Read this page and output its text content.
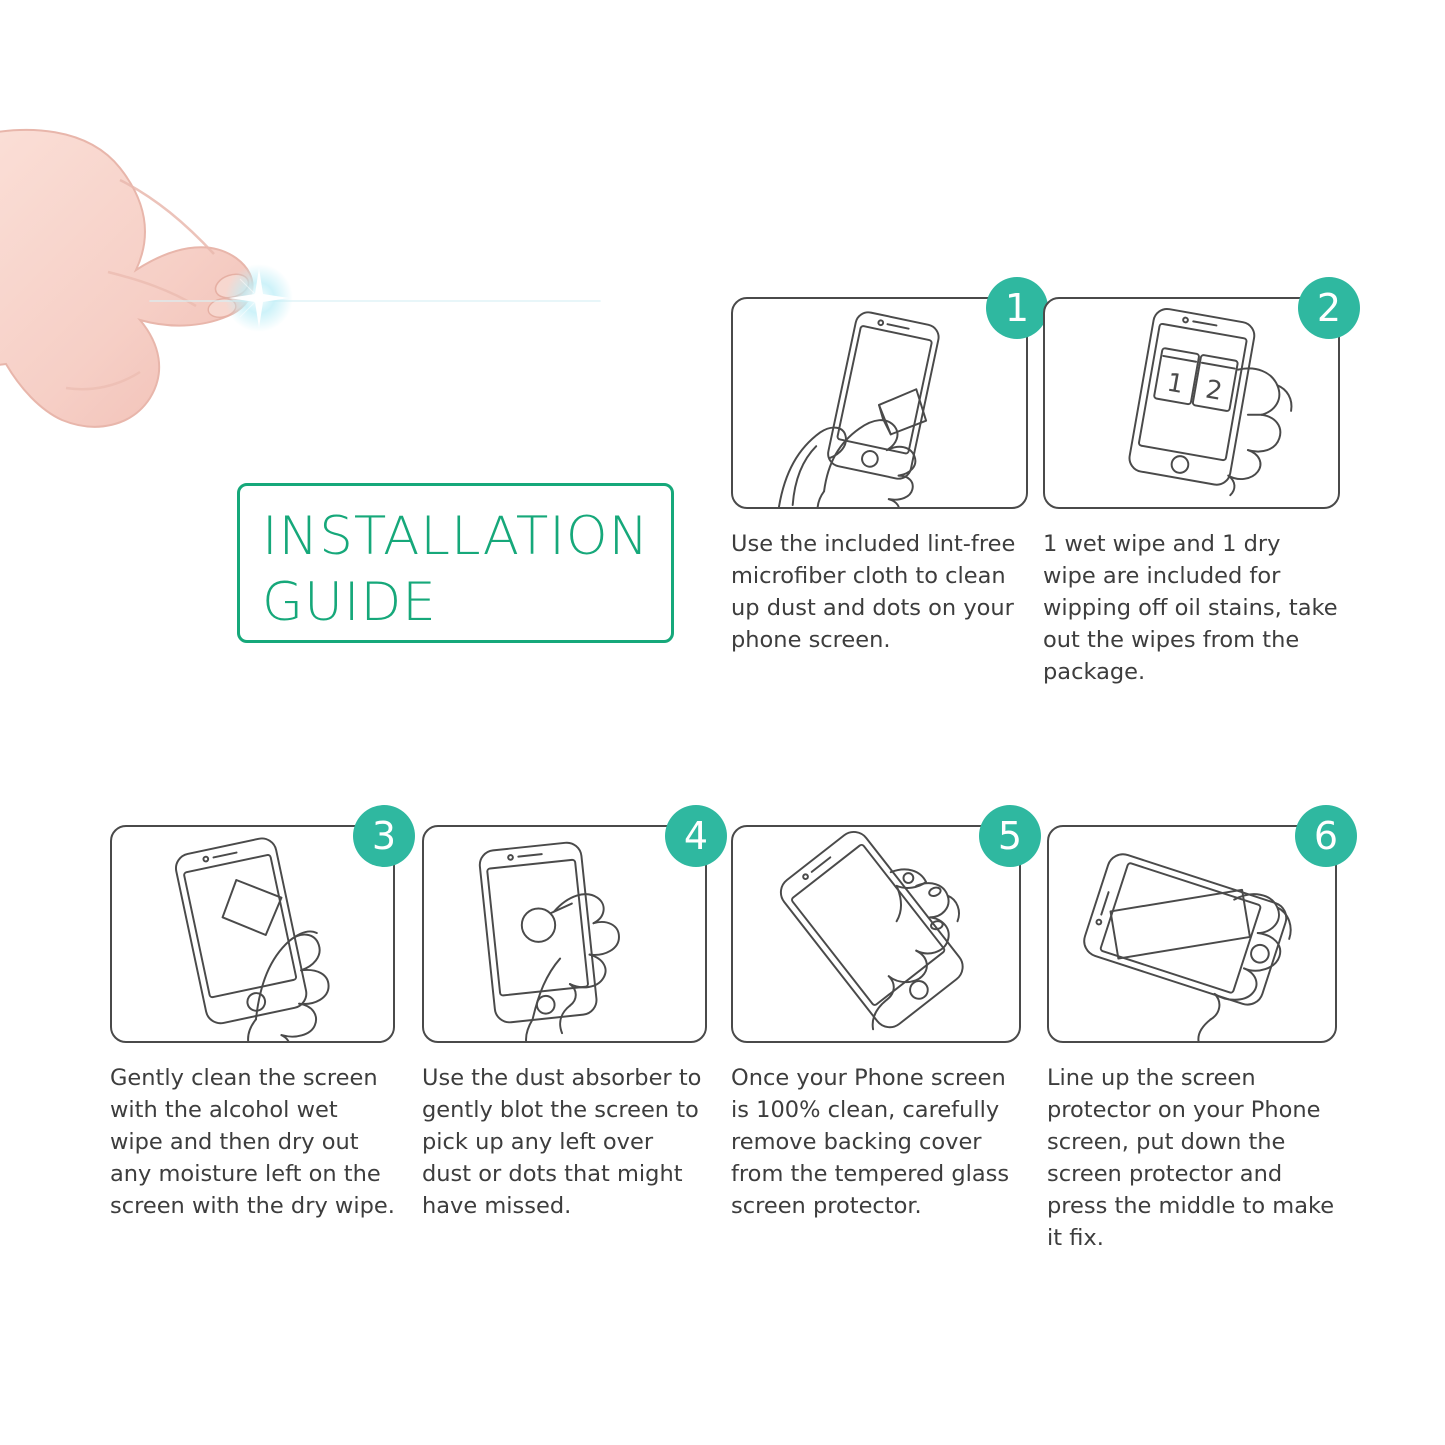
INSTALLATION
GUIDE
1
Use the included lint-free microfiber cloth to clean up dust and dots on your phone screen.
2
1 2
1 wet wipe and 1 dry wipe are included for wipping off oil stains, take out the wipes from the package.
3
Gently clean the screen with the alcohol wet wipe and then dry out any moisture left on the screen with the dry wipe.
4
Use the dust absorber to gently blot the screen to pick up any left over dust or dots that might have missed.
5
Once your Phone screen is 100% clean, carefully remove backing cover from the tempered glass screen protector.
6
Line up the screen protector on your Phone screen, put down the screen protector and press the middle to make it fix.
